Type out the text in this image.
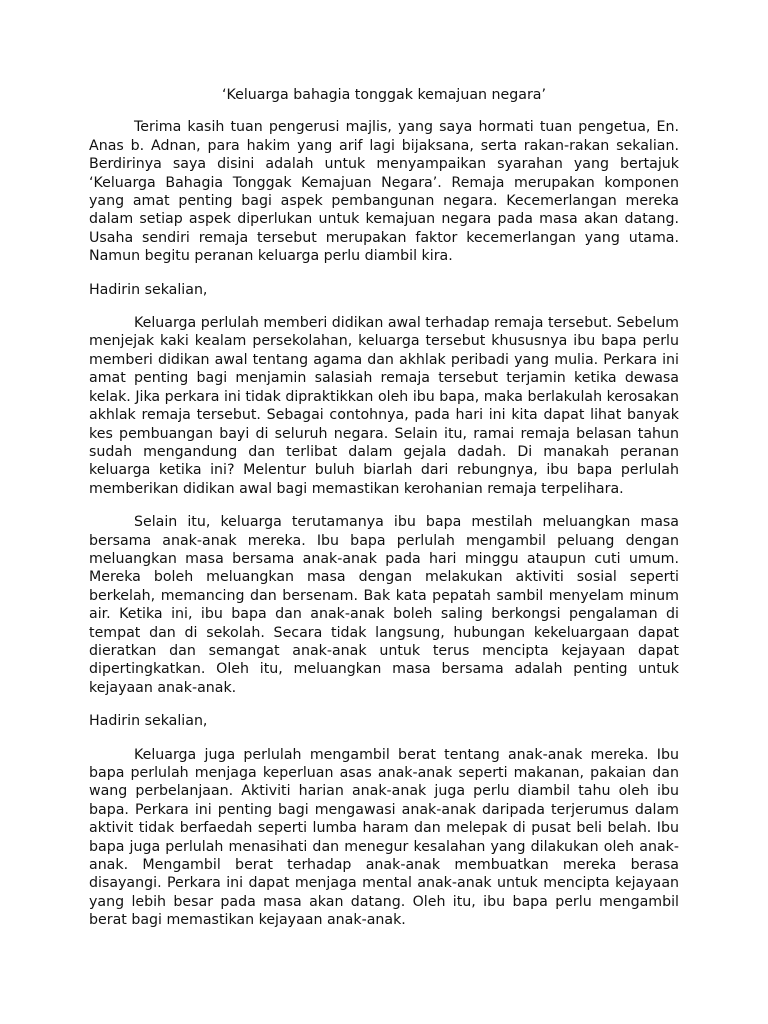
‘Keluarga bahagia tonggak kemajuan negara’

Terima kasih tuan pengerusi majlis, yang saya hormati tuan pengetua, En. Anas b. Adnan, para hakim yang arif lagi bijaksana, serta rakan-rakan sekalian. Berdirinya saya disini adalah untuk menyampaikan syarahan yang bertajuk ‘Keluarga Bahagia Tonggak Kemajuan Negara’. Remaja merupakan komponen yang amat penting bagi aspek pembangunan negara. Kecemerlangan mereka dalam setiap aspek diperlukan untuk kemajuan negara pada masa akan datang. Usaha sendiri remaja tersebut merupakan faktor kecemerlangan yang utama. Namun begitu peranan keluarga perlu diambil kira.

Hadirin sekalian,

Keluarga perlulah memberi didikan awal terhadap remaja tersebut. Sebelum menjejak kaki kealam persekolahan, keluarga tersebut khususnya ibu bapa perlu memberi didikan awal tentang agama dan akhlak peribadi yang mulia. Perkara ini amat penting bagi menjamin salasiah remaja tersebut terjamin ketika dewasa kelak. Jika perkara ini tidak dipraktikkan oleh ibu bapa, maka berlakulah kerosakan akhlak remaja tersebut. Sebagai contohnya, pada hari ini kita dapat lihat banyak kes pembuangan bayi di seluruh negara. Selain itu, ramai remaja belasan tahun sudah mengandung dan terlibat dalam gejala dadah. Di manakah peranan keluarga ketika ini? Melentur buluh biarlah dari rebungnya, ibu bapa perlulah memberikan didikan awal bagi memastikan kerohanian remaja terpelihara.

Selain itu, keluarga terutamanya ibu bapa mestilah meluangkan masa bersama anak-anak mereka. Ibu bapa perlulah mengambil peluang dengan meluangkan masa bersama anak-anak pada hari minggu ataupun cuti umum. Mereka boleh meluangkan masa dengan melakukan aktiviti sosial seperti berkelah, memancing dan bersenam. Bak kata pepatah sambil menyelam minum air. Ketika ini, ibu bapa dan anak-anak boleh saling berkongsi pengalaman di tempat dan di sekolah. Secara tidak langsung, hubungan kekeluargaan dapat dieratkan dan semangat anak-anak untuk terus mencipta kejayaan dapat dipertingkatkan. Oleh itu, meluangkan masa bersama adalah penting untuk kejayaan anak-anak.

Hadirin sekalian,

Keluarga juga perlulah mengambil berat tentang anak-anak mereka. Ibu bapa perlulah menjaga keperluan asas anak-anak seperti makanan, pakaian dan wang perbelanjaan. Aktiviti harian anak-anak juga perlu diambil tahu oleh ibu bapa. Perkara ini penting bagi mengawasi anak-anak daripada terjerumus dalam aktivit tidak berfaedah seperti lumba haram dan melepak di pusat beli belah. Ibu bapa juga perlulah menasihati dan menegur kesalahan yang dilakukan oleh anak-anak. Mengambil berat terhadap anak-anak membuatkan mereka berasa disayangi. Perkara ini dapat menjaga mental anak-anak untuk mencipta kejayaan yang lebih besar pada masa akan datang. Oleh itu, ibu bapa perlu mengambil berat bagi memastikan kejayaan anak-anak.
